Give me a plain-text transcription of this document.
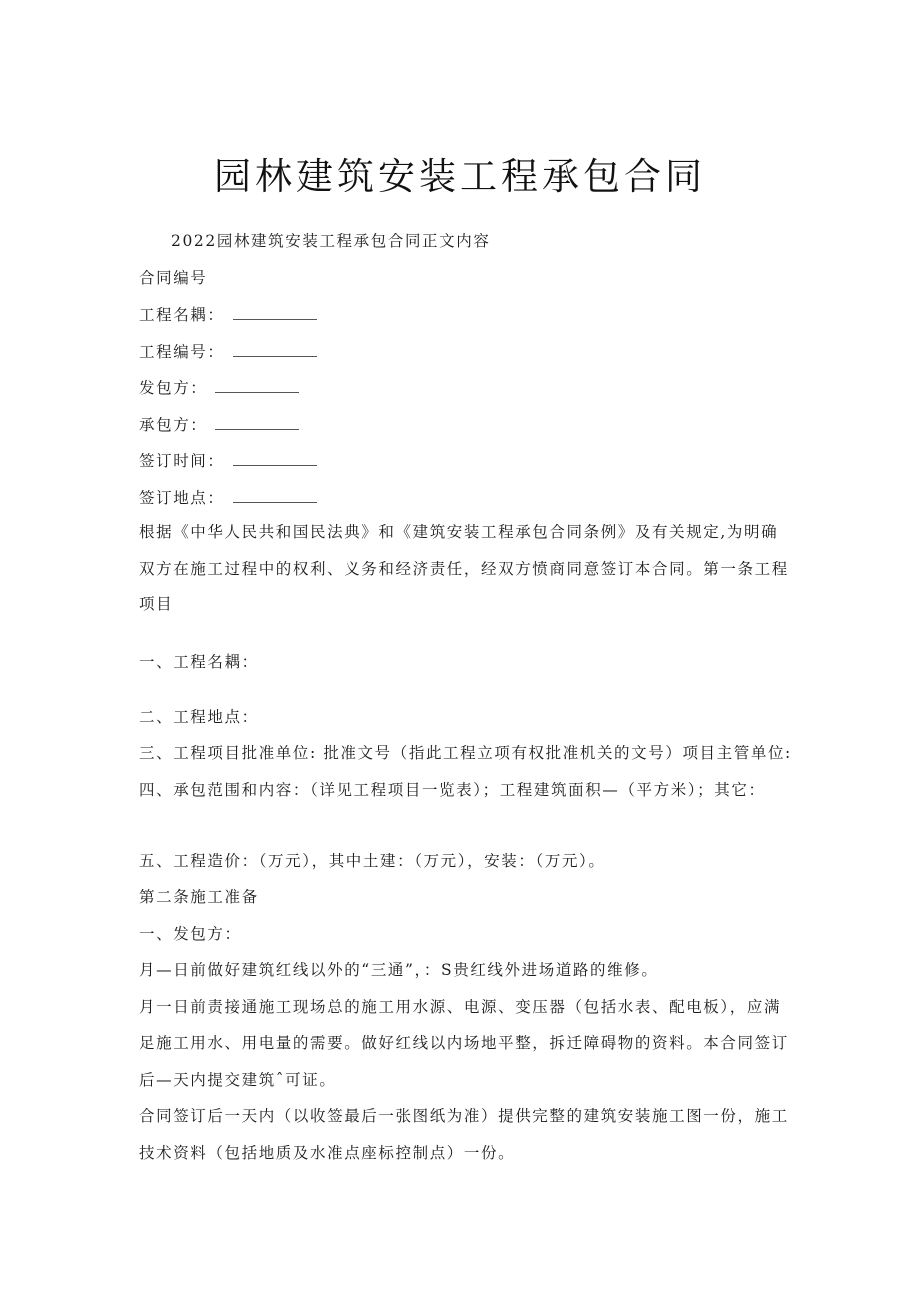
园林建筑安装工程承包合同
2022园林建筑安装工程承包合同正文内容
合同编号
工程名耦：
工程编号：
发包方：
承包方：
签订时间：
签订地点：
根据《中华人民共和国民法典》和《建筑安装工程承包合同条例》及有关规定,为明确
双方在施工过程中的权利、义务和经济责任，经双方愤商同意签订本合同。第一条工程
项目
一、工程名耦：
二、工程地点：
三、工程项目批准单位: 批准文号（指此工程立项有权批准机关的文号）项目主管单位:
四、承包范围和内容：（详见工程项目一览表）；工程建筑面积—（平方米）；其它：
五、工程造价：（万元），其中土建：（万元），安装：（万元）。
第二条施工准备
一、发包方：
月—日前做好建筑红线以外的“三通”，：S贵红线外进场道路的维修。
月一日前责接通施工现场总的施工用水源、电源、变压器（包括水表、配电板），应满
足施工用水、用电量的需要。做好红线以内场地平整，拆迁障碍物的资料。本合同签订
后—天内提交建筑ˆ可证。
合同签订后一天内（以收签最后一张图纸为准）提供完整的建筑安装施工图一份，施工
技术资料（包括地质及水准点座标控制点）一份。
